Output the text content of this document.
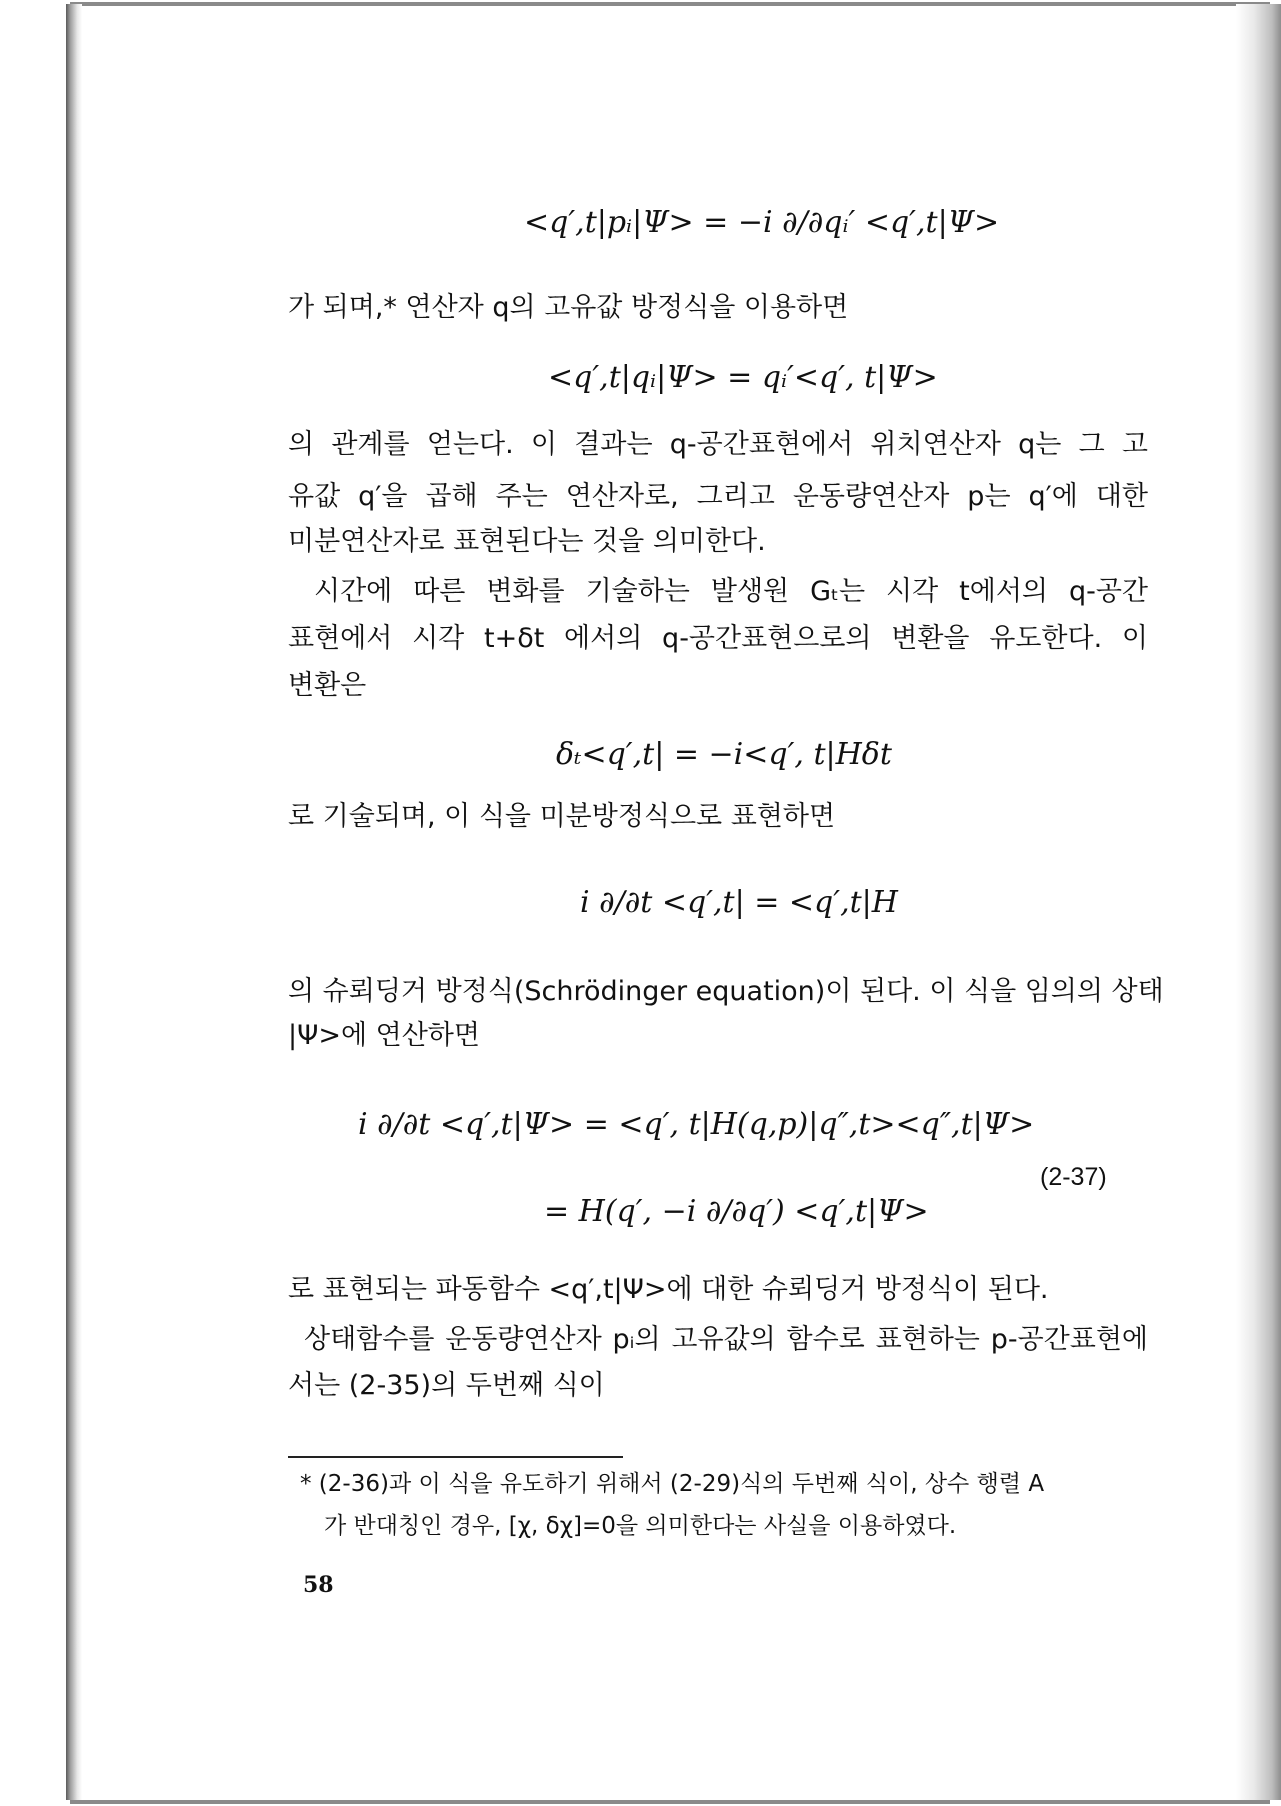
<q′,t|pᵢ|Ψ> = −i ∂/∂qᵢ′ <q′,t|Ψ>
가 되며,* 연산자 q의 고유값 방정식을 이용하면
<q′,t|qᵢ|Ψ> = qᵢ′<q′, t|Ψ>
의 관계를 얻는다. 이 결과는 q-공간표현에서 위치연산자 q는 그 고
유값 q′을 곱해 주는 연산자로, 그리고 운동량연산자 p는 q′에 대한
미분연산자로 표현된다는 것을 의미한다.
시간에 따른 변화를 기술하는 발생원 Gₜ는 시각 t에서의 q-공간
표현에서 시각 t+δt 에서의 q-공간표현으로의 변환을 유도한다. 이
변환은
δₜ<q′,t| = −i<q′, t|Hδt
로 기술되며, 이 식을 미분방정식으로 표현하면
i ∂/∂t <q′,t| = <q′,t|H
의 슈뢰딩거 방정식(Schrödinger equation)이 된다. 이 식을 임의의 상태
|Ψ>에 연산하면
i ∂/∂t <q′,t|Ψ> = <q′, t|H(q,p)|q″,t><q″,t|Ψ>
= H(q′, −i ∂/∂q′) <q′,t|Ψ>
(2-37)
로 표현되는 파동함수 <q′,t|Ψ>에 대한 슈뢰딩거 방정식이 된다.
상태함수를 운동량연산자 pᵢ의 고유값의 함수로 표현하는 p-공간표현에
서는 (2-35)의 두번째 식이
* (2-36)과 이 식을 유도하기 위해서 (2-29)식의 두번째 식이, 상수 행렬 A
가 반대칭인 경우, [χ, δχ]=0을 의미한다는 사실을 이용하였다.
58
